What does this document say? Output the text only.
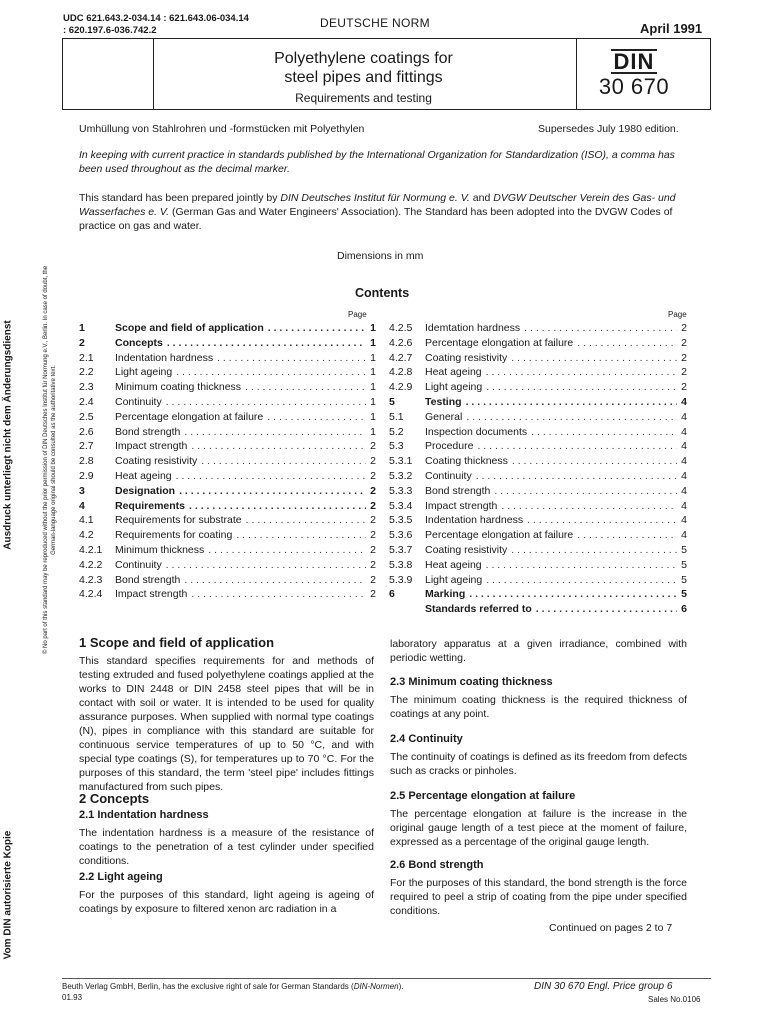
UDC 621.643.2-034.14 : 621.643.06-034.14
: 620.197.6-036.742.2
DEUTSCHE NORM	April 1991
Polyethylene coatings for
steel pipes and fittings
Requirements and testing
DIN
30 670
Umhüllung von Stahlrohren und -formstücken mit Polyethylen	Supersedes July 1980 edition.
In keeping with current practice in standards published by the International Organization for Standardization (ISO), a comma has been used throughout as the decimal marker.
This standard has been prepared jointly by DIN Deutsches Institut für Normung e. V. and DVGW Deutscher Verein des Gas- und Wasserfaches e. V. (German Gas and Water Engineers' Association). The Standard has been adopted into the DVGW Codes of practice on gas and water.
Dimensions in mm
Contents
Page	Page
1	Scope and field of application . . .	1
2	Concepts . . .	1
2.1	Indentation hardness . . .	1
2.2	Light ageing . . .	1
2.3	Minimum coating thickness . . .	1
2.4	Continuity . . .	1
2.5	Percentage elongation at failure . . .	1
2.6	Bond strength . . .	1
2.7	Impact strength . . .	2
2.8	Coating resistivity . . .	2
2.9	Heat ageing . . .	2
3	Designation . . .	2
4	Requirements . . .	2
4.1	Requirements for substrate . . .	2
4.2	Requirements for coating . . .	2
4.2.1	Minimum thickness . . .	2
4.2.2	Continuity . . .	2
4.2.3	Bond strength . . .	2
4.2.4	Impact strength . . .	2
4.2.5	Idemtation hardness . . .	2
4.2.6	Percentage elongation at failure . . .	2
4.2.7	Coating resistivity . . .	2
4.2.8	Heat ageing . . .	2
4.2.9	Light ageing . . .	2
5	Testing . . .	4
5.1	General . . .	4
5.2	Inspection documents . . .	4
5.3	Procedure . . .	4
5.3.1	Coating thickness . . .	4
5.3.2	Continuity . . .	4
5.3.3	Bond strength . . .	4
5.3.4	Impact strength . . .	4
5.3.5	Indentation hardness . . .	4
5.3.6	Percentage elongation at failure . . .	4
5.3.7	Coating resistivity . . .	5
5.3.8	Heat ageing . . .	5
5.3.9	Light ageing . . .	5
6	Marking . . .	5
Standards referred to . . .	6
1 Scope and field of application
This standard specifies requirements for and methods of testing extruded and fused polyethylene coatings applied at the works to DIN 2448 or DIN 2458 steel pipes that will be in contact with soil or water. It is intended to be used for quality assurance purposes. When supplied with normal type coatings (N), pipes in compliance with this standard are suitable for continuous service temperatures of up to 50 °C, and with special type coatings (S), for temperatures up to 70 °C. For the purposes of this standard, the term 'steel pipe' includes fittings manufactured from such pipes.
2 Concepts
2.1 Indentation hardness
The indentation hardness is a measure of the resistance of coatings to the penetration of a test cylinder under specified conditions.
2.2 Light ageing
For the purposes of this standard, light ageing is ageing of coatings by exposure to filtered xenon arc radiation in a
laboratory apparatus at a given irradiance, combined with periodic wetting.
2.3 Minimum coating thickness
The minimum coating thickness is the required thickness of coatings at any point.
2.4 Continuity
The continuity of coatings is defined as its freedom from defects such as cracks or pinholes.
2.5 Percentage elongation at failure
The percentage elongation at failure is the increase in the original gauge length of a test piece at the moment of failure, expressed as a percentage of the original gauge length.
2.6 Bond strength
For the purposes of this standard, the bond strength is the force required to peel a strip of coating from the pipe under specified conditions.
Continued on pages 2 to 7
© No part of this standard may be reproduced without the prior permission of DIN Deutsches Institut für Normung e.V., Berlin. In case of doubt, the German-language original should be consulted as the authoritative text.
Ausdruck unterliegt nicht dem Änderungsdienst
Vom DIN autorisierte Kopie
Beuth Verlag GmbH, Berlin, has the exclusive right of sale for German Standards (DIN-Normen).
01.93
DIN 30 670 Engl. Price group 6
Sales No.0106
